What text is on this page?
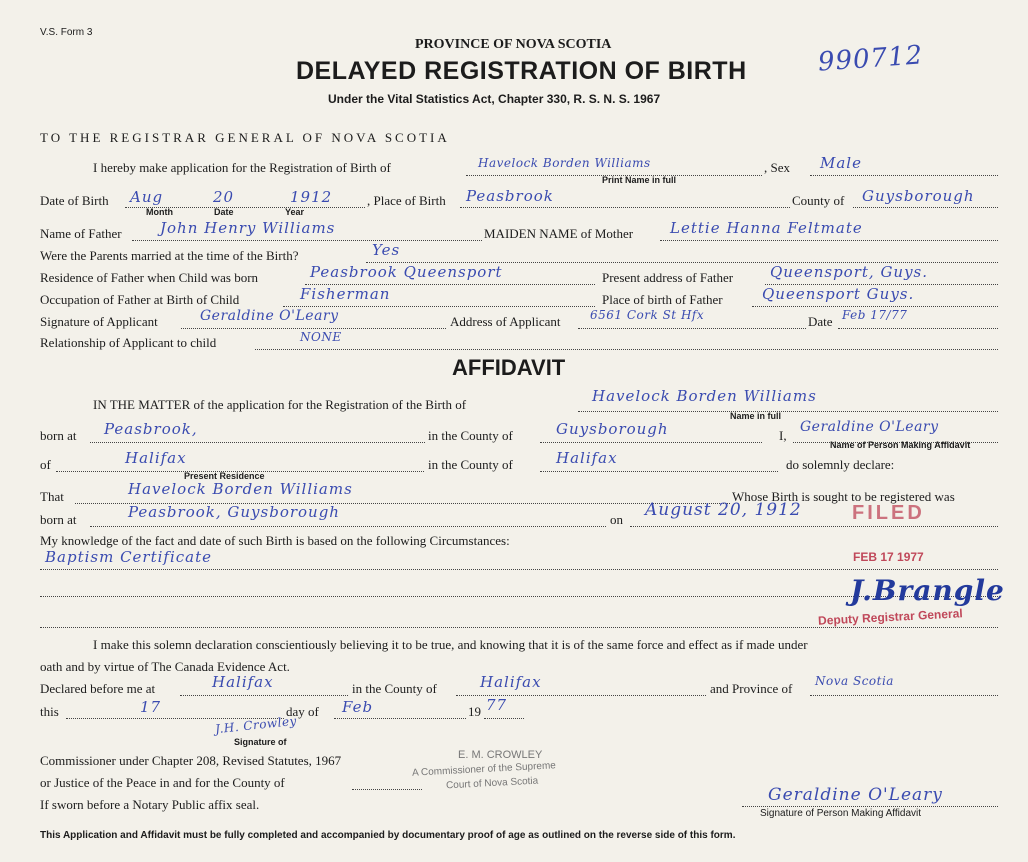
V.S. Form 3
PROVINCE OF NOVA SCOTIA
DELAYED REGISTRATION OF BIRTH
Under the Vital Statistics Act, Chapter 330, R. S. N. S. 1967
990712
TO THE REGISTRAR GENERAL OF NOVA SCOTIA
I hereby make application for the Registration of Birth of	Havelock Borden Williams
Print Name in full
, Sex Male
Date of Birth Aug	20	1912
Month	Date	Year
, Place of Birth Peasbrook	County of Guysborough
Name of Father	John Henry Williams	MAIDEN NAME of Mother Lettie Hanna Feltmate
Were the Parents married at the time of the Birth?	Yes
Residence of Father when Child was born	Peasbrook Queensport	Present address of Father Queensport, Guys.
Occupation of Father at Birth of Child	Fisherman	Place of birth of Father	Queensport Guys.
Signature of Applicant	Geraldine O'Leary	Address of Applicant 6561 Cork St Hfx	Date Feb 17/77
Relationship of Applicant to child	NONE
AFFIDAVIT
IN THE MATTER of the application for the Registration of the Birth of	Havelock Borden Williams
Name in full
born at Peasbrook,	in the County of	Guysborough	I,
Geraldine O'Leary
Name of Person Making Affidavit
of	Halifax
Present Residence
in the County of	Halifax	do solemnly declare:
That	Havelock Borden Williams	Whose Birth is sought to be registered was
born at	Peasbrook, Guysborough	on August 20, 1912
My knowledge of the fact and date of such Birth is based on the following Circumstances:
Baptism Certificate
FILED
FEB 17 1977
J.Brangle
Deputy Registrar General
I make this solemn declaration conscientiously believing it to be true, and knowing that it is of the same force and effect as if made under
oath and by virtue of The Canada Evidence Act.
Declared before me at	Halifax	in the County of	Halifax	and Province of Nova Scotia
this	17	day of Feb	19 77
J.H. Crowley
Signature of
Commissioner under Chapter 208, Revised Statutes, 1967
or Justice of the Peace in and for the County of
If sworn before a Notary Public affix seal.
E. M. CROWLEY
A Commissioner of the Supreme
Court of Nova Scotia
Geraldine O'Leary
Signature of Person Making Affidavit
This Application and Affidavit must be fully completed and accompanied by documentary proof of age as outlined on the reverse side of this form.
